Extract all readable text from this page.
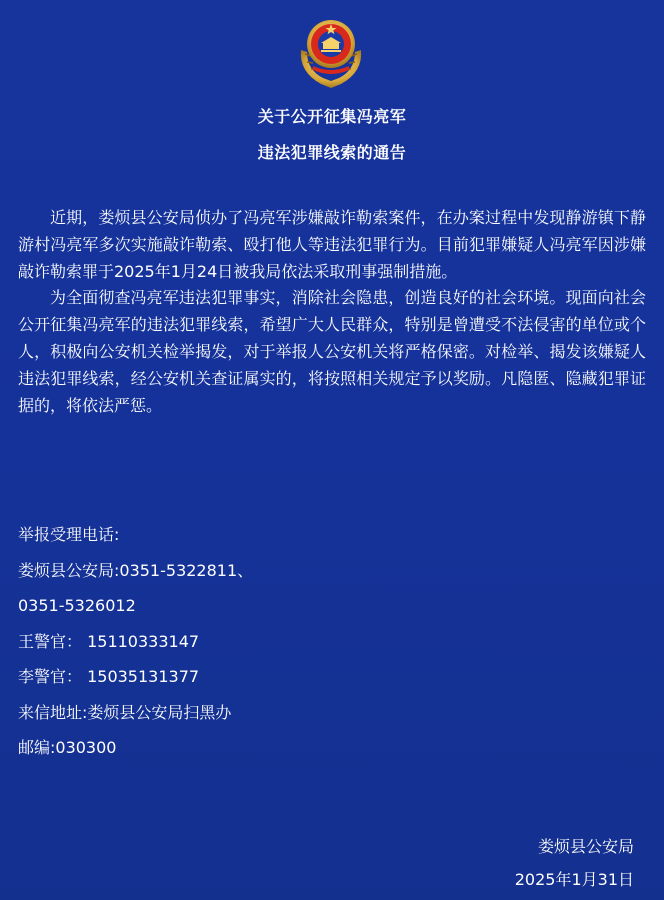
关于公开征集冯亮军
违法犯罪线索的通告

近期，娄烦县公安局侦办了冯亮军涉嫌敲诈勒索案件，在办案过程中发现静游镇下静游村冯亮军多次实施敲诈勒索、殴打他人等违法犯罪行为。目前犯罪嫌疑人冯亮军因涉嫌敲诈勒索罪于2025年1月24日被我局依法采取刑事强制措施。

为全面彻查冯亮军违法犯罪事实，消除社会隐患，创造良好的社会环境。现面向社会公开征集冯亮军的违法犯罪线索，希望广大人民群众，特别是曾遭受不法侵害的单位或个人，积极向公安机关检举揭发，对于举报人公安机关将严格保密。对检举、揭发该嫌疑人违法犯罪线索，经公安机关查证属实的，将按照相关规定予以奖励。凡隐匿、隐藏犯罪证据的，将依法严惩。

举报受理电话:
娄烦县公安局:0351-5322811、
0351-5326012
王警官： 15110333147
李警官： 15035131377
来信地址:娄烦县公安局扫黑办
邮编:030300
娄烦县公安局
2025年1月31日
